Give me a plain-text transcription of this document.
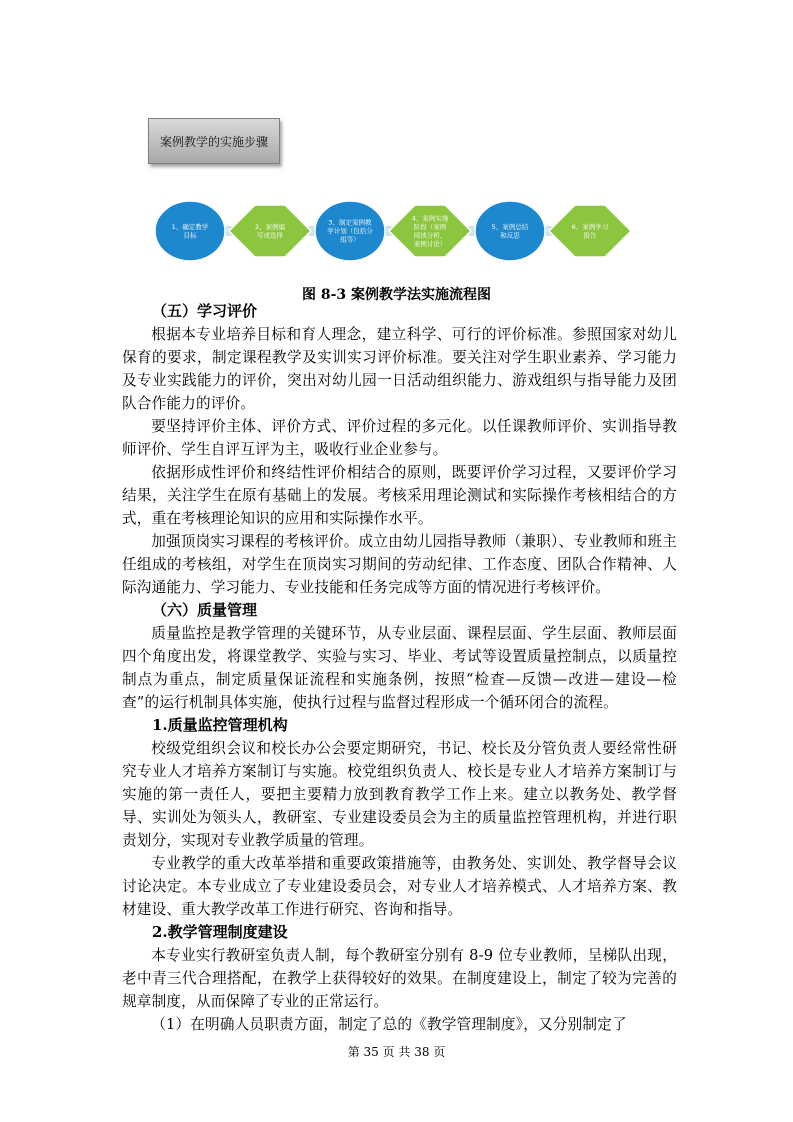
案例教学的实施步骤
1、确定教学
目标
2、案例编
写或选择
3、制定案例教
学计划（包括分
组等）
4、案例实施
阶段（案例
阅读分析、
案例讨论）
5、案例总结
和反思
6、案例学习
报告
图 8-3 案例教学法实施流程图
（五）学习评价

根据本专业培养目标和育人理念，建立科学、可行的评价标准。参照国家对幼儿保育的要求，制定课程教学及实训实习评价标准。要关注对学生职业素养、学习能力及专业实践能力的评价，突出对幼儿园一日活动组织能力、游戏组织与指导能力及团队合作能力的评价。

要坚持评价主体、评价方式、评价过程的多元化。以任课教师评价、实训指导教师评价、学生自评互评为主，吸收行业企业参与。

依据形成性评价和终结性评价相结合的原则，既要评价学习过程，又要评价学习结果，关注学生在原有基础上的发展。考核采用理论测试和实际操作考核相结合的方式，重在考核理论知识的应用和实际操作水平。

加强顶岗实习课程的考核评价。成立由幼儿园指导教师（兼职）、专业教师和班主任组成的考核组，对学生在顶岗实习期间的劳动纪律、工作态度、团队合作精神、人际沟通能力、学习能力、专业技能和任务完成等方面的情况进行考核评价。

（六）质量管理

质量监控是教学管理的关键环节，从专业层面、课程层面、学生层面、教师层面四个角度出发，将课堂教学、实验与实习、毕业、考试等设置质量控制点，以质量控制点为重点，制定质量保证流程和实施条例，按照“检查—反馈—改进—建设—检查”的运行机制具体实施，使执行过程与监督过程形成一个循环闭合的流程。

1.质量监控管理机构

校级党组织会议和校长办公会要定期研究，书记、校长及分管负责人要经常性研究专业人才培养方案制订与实施。校党组织负责人、校长是专业人才培养方案制订与实施的第一责任人，要把主要精力放到教育教学工作上来。建立以教务处、教学督导、实训处为领头人，教研室、专业建设委员会为主的质量监控管理机构，并进行职责划分，实现对专业教学质量的管理。

专业教学的重大改革举措和重要政策措施等，由教务处、实训处、教学督导会议讨论决定。本专业成立了专业建设委员会，对专业人才培养模式、人才培养方案、教材建设、重大教学改革工作进行研究、咨询和指导。

2.教学管理制度建设

本专业实行教研室负责人制，每个教研室分别有 8-9 位专业教师，呈梯队出现，老中青三代合理搭配，在教学上获得较好的效果。在制度建设上，制定了较为完善的规章制度，从而保障了专业的正常运行。

（1）在明确人员职责方面，制定了总的《教学管理制度》，又分别制定了

第 35 页 共 38 页
